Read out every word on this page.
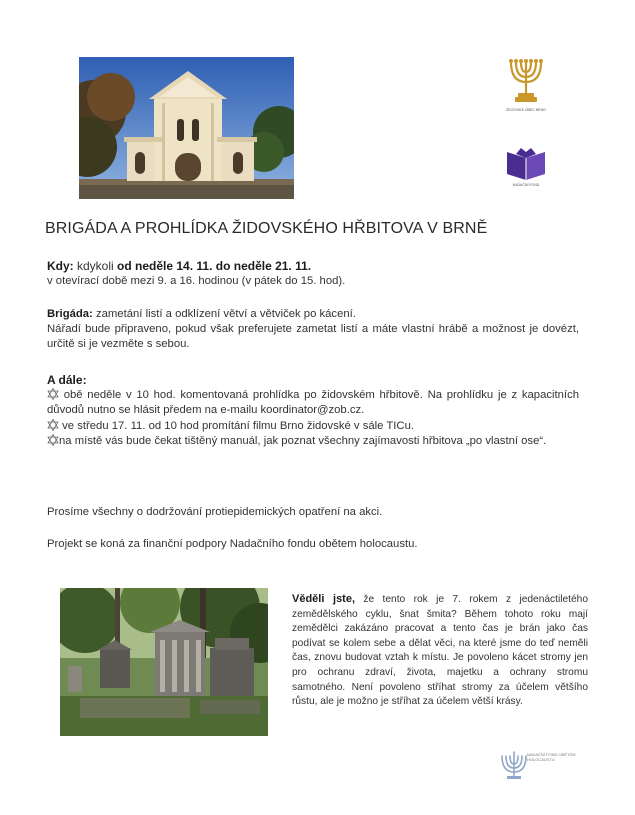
ŽIDOVSKÁ OBEC BRNO
NADAČNÍ FOND
BRIGÁDA A PROHLÍDKA ŽIDOVSKÉHO HŘBITOVA V BRNĚ

Kdy: kdykoli od neděle 14. 11. do neděle 21. 11.

v otevírací době mezi 9. a 16. hodinou (v pátek do 15. hod).

Brigáda: zametání listí a odklízení větví a větviček po kácení.

Nářadí bude připraveno, pokud však preferujete zametat listí a máte vlastní hrábě a možnost je dovézt, určitě si je vezměte s sebou.

A dále:

obě neděle v 10 hod. komentovaná prohlídka po židovském hřbitově. Na prohlídku je z kapacitních důvodů nutno se hlásit předem na e-mailu koordinator@zob.cz.

ve středu 17. 11. od 10 hod promítání filmu Brno židovské v sále TICu.

na místě vás bude čekat tištěný manuál, jak poznat všechny zajímavosti hřbitova „po vlastní ose“.

Prosíme všechny o dodržování protiepidemických opatření na akci.
Projekt se koná za finanční podpory Nadačního fondu obětem holocaustu.

Věděli jste, že tento rok je 7. rokem z jedenáctiletého zemědělského cyklu, šnat šmita? Během tohoto roku mají zemědělci zakázáno pracovat a tento čas je brán jako čas podívat se kolem sebe a dělat věci, na které jsme do teď neměli čas, znovu budovat vztah k místu. Je povoleno kácet stromy jen pro ochranu zdraví, života, majetku a ochrany stromu samotného. Není povoleno stříhat stromy za účelem většího růstu, ale je možno je stříhat za účelem větší krásy.

NADAČNÍ FOND OBĚTEM HOLOCAUSTU
